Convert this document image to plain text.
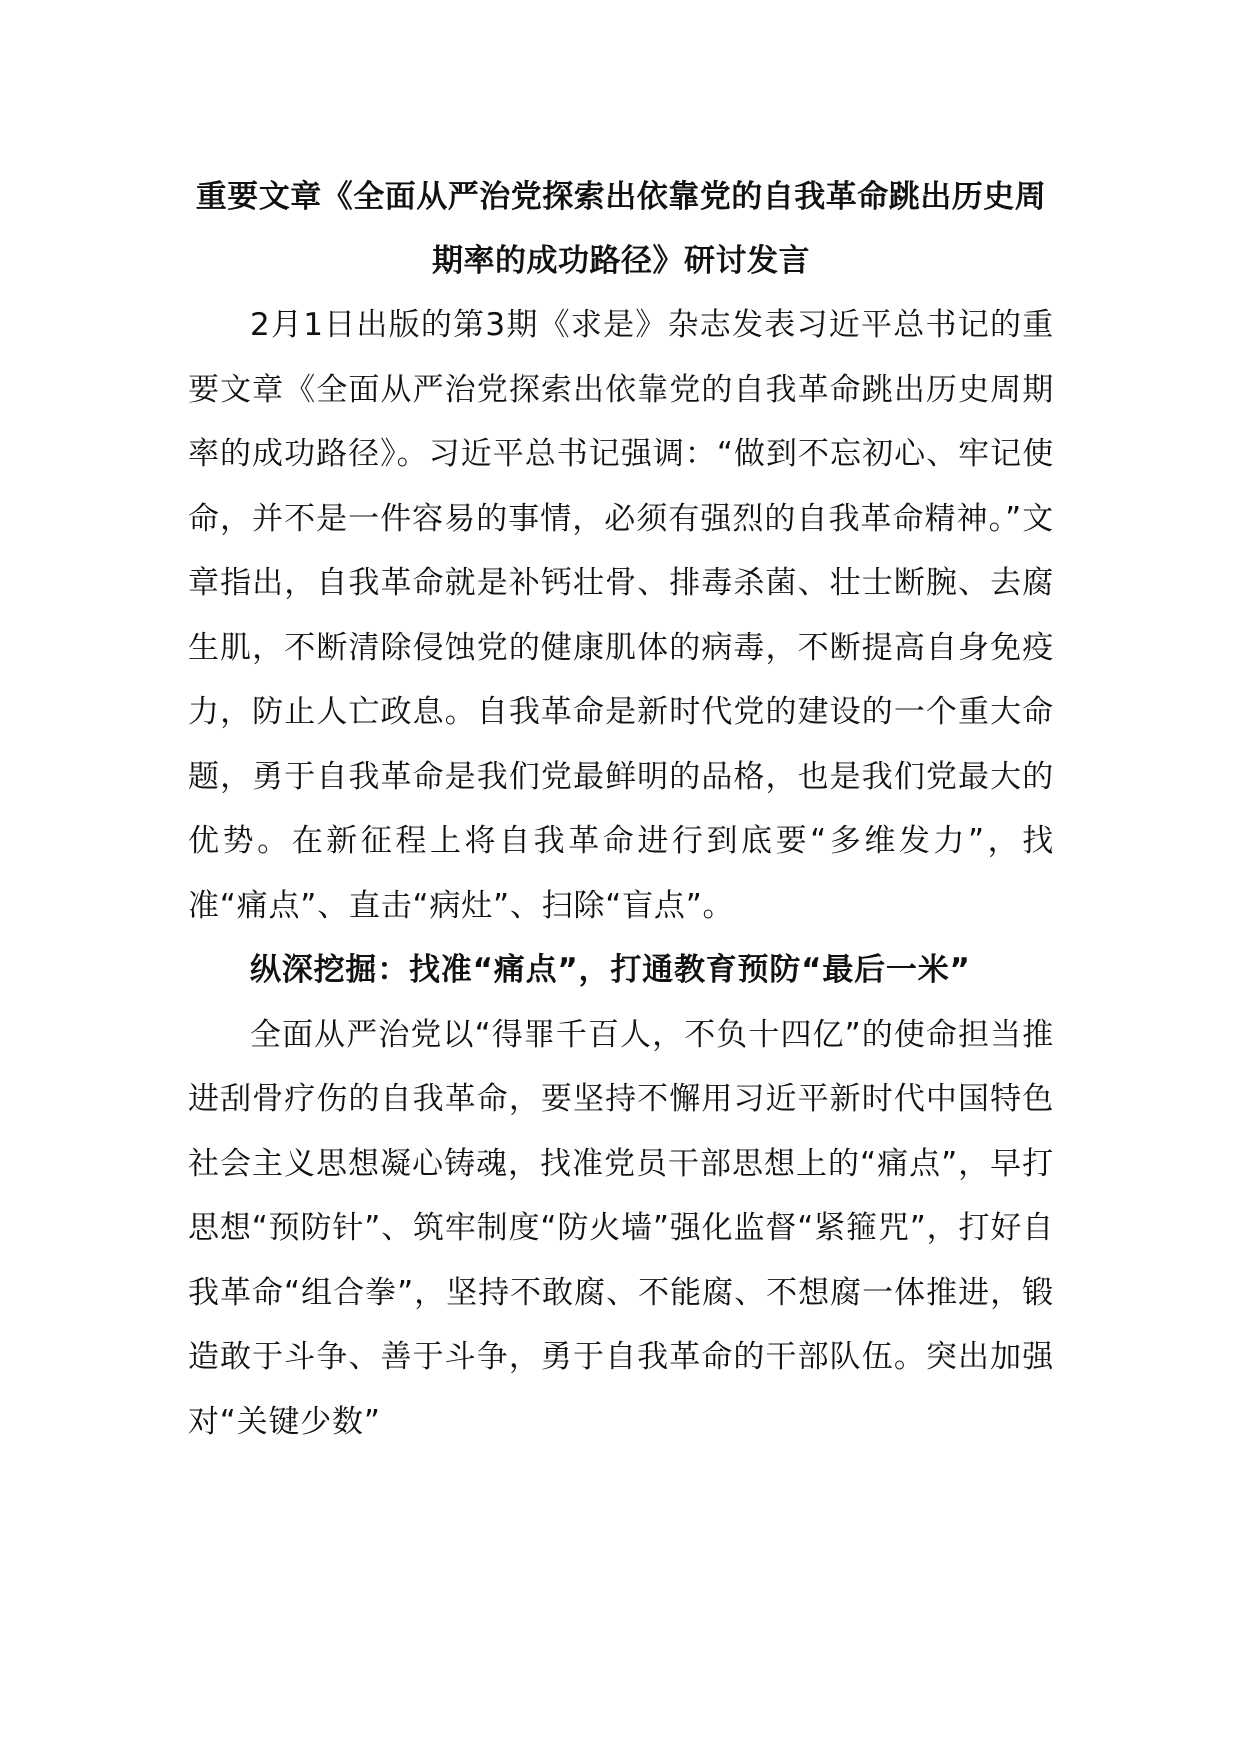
重要文章《全面从严治党探索出依靠党的自我革命跳出历史周期率的成功路径》研讨发言

2月1日出版的第3期《求是》杂志发表习近平总书记的重要文章《全面从严治党探索出依靠党的自我革命跳出历史周期率的成功路径》。习近平总书记强调：“做到不忘初心、牢记使命，并不是一件容易的事情，必须有强烈的自我革命精神。”文章指出，自我革命就是补钙壮骨、排毒杀菌、壮士断腕、去腐生肌，不断清除侵蚀党的健康肌体的病毒，不断提高自身免疫力，防止人亡政息。自我革命是新时代党的建设的一个重大命题，勇于自我革命是我们党最鲜明的品格，也是我们党最大的优势。在新征程上将自我革命进行到底要“多维发力”，找准“痛点”、直击“病灶”、扫除“盲点”。

纵深挖掘：找准“痛点”，打通教育预防“最后一米”

全面从严治党以“得罪千百人，不负十四亿”的使命担当推进刮骨疗伤的自我革命，要坚持不懈用习近平新时代中国特色社会主义思想凝心铸魂，找准党员干部思想上的“痛点”，早打思想“预防针”、筑牢制度“防火墙”强化监督“紧箍咒”，打好自我革命“组合拳”，坚持不敢腐、不能腐、不想腐一体推进，锻造敢于斗争、善于斗争，勇于自我革命的干部队伍。突出加强对“关键少数”
